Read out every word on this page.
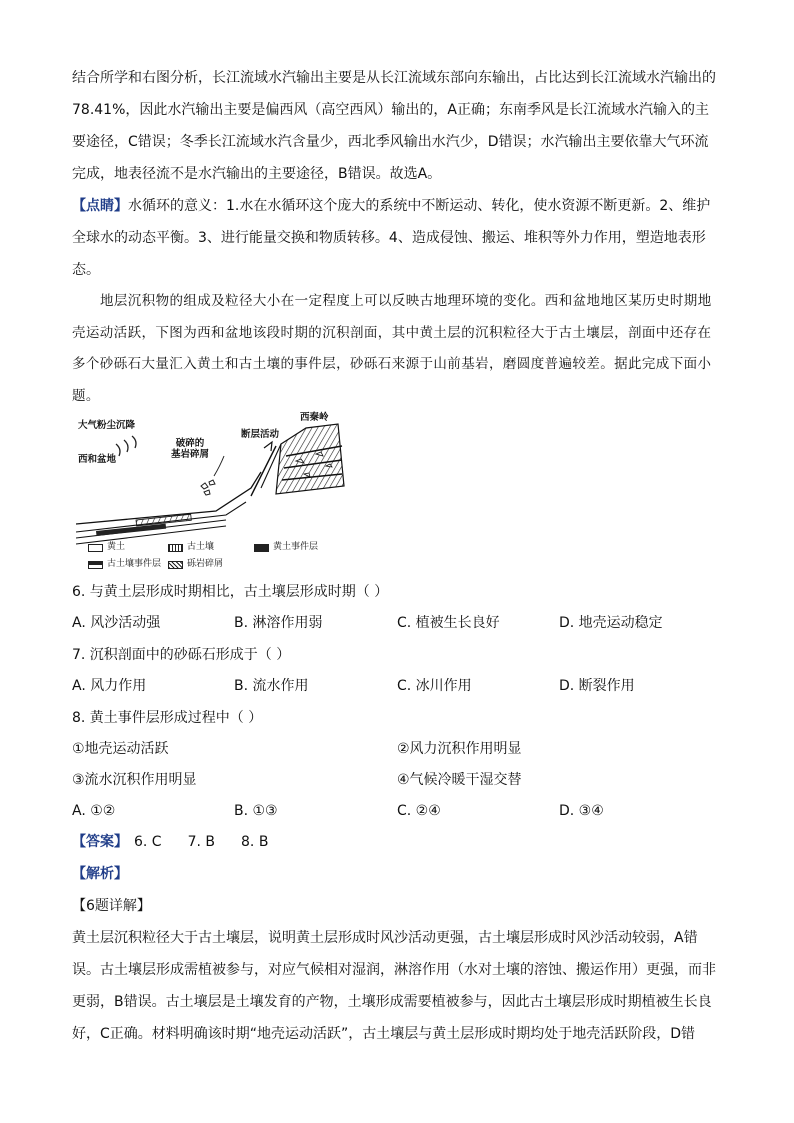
结合所学和右图分析，长江流域水汽输出主要是从长江流域东部向东输出，占比达到长江流域水汽输出的78.41%，因此水汽输出主要是偏西风（高空西风）输出的，A正确；东南季风是长江流域水汽输入的主要途径，C错误；冬季长江流域水汽含量少，西北季风输出水汽少，D错误；水汽输出主要依靠大气环流完成，地表径流不是水汽输出的主要途径，B错误。故选A。

【点睛】水循环的意义：1.水在水循环这个庞大的系统中不断运动、转化，使水资源不断更新。2、维护全球水的动态平衡。3、进行能量交换和物质转移。4、造成侵蚀、搬运、堆积等外力作用，塑造地表形态。

地层沉积物的组成及粒径大小在一定程度上可以反映古地理环境的变化。西和盆地地区某历史时期地壳运动活跃，下图为西和盆地该段时期的沉积剖面，其中黄土层的沉积粒径大于古土壤层，剖面中还存在多个砂砾石大量汇入黄土和古土壤的事件层，砂砾石来源于山前基岩，磨圆度普遍较差。据此完成下面小题。

大气粉尘沉降
西和盆地
破碎的
基岩碎屑
断层活动
西秦岭
黄土	古土壤	黄土事件层
古土壤事件层	砾岩碎屑

6. 与黄土层形成时期相比，古土壤层形成时期（ ）

A. 风沙活动强	B. 淋溶作用弱	C. 植被生长良好	D. 地壳运动稳定

7. 沉积剖面中的砂砾石形成于（ ）

A. 风力作用	B. 流水作用	C. 冰川作用	D. 断裂作用

8. 黄土事件层形成过程中（ ）

①地壳运动活跃	②风力沉积作用明显
③流水沉积作用明显	④气候冷暖干湿交替
A. ①②	B. ①③	C. ②④	D. ③④
【答案】 6. C 7. B 8. B

【解析】

【6题详解】

黄土层沉积粒径大于古土壤层，说明黄土层形成时风沙活动更强，古土壤层形成时风沙活动较弱，A错误。古土壤层形成需植被参与，对应气候相对湿润，淋溶作用（水对土壤的溶蚀、搬运作用）更强，而非更弱，B错误。古土壤层是土壤发育的产物，土壤形成需要植被参与，因此古土壤层形成时期植被生长良好，C正确。材料明确该时期“地壳运动活跃”，古土壤层与黄土层形成时期均处于地壳活跃阶段，D错
